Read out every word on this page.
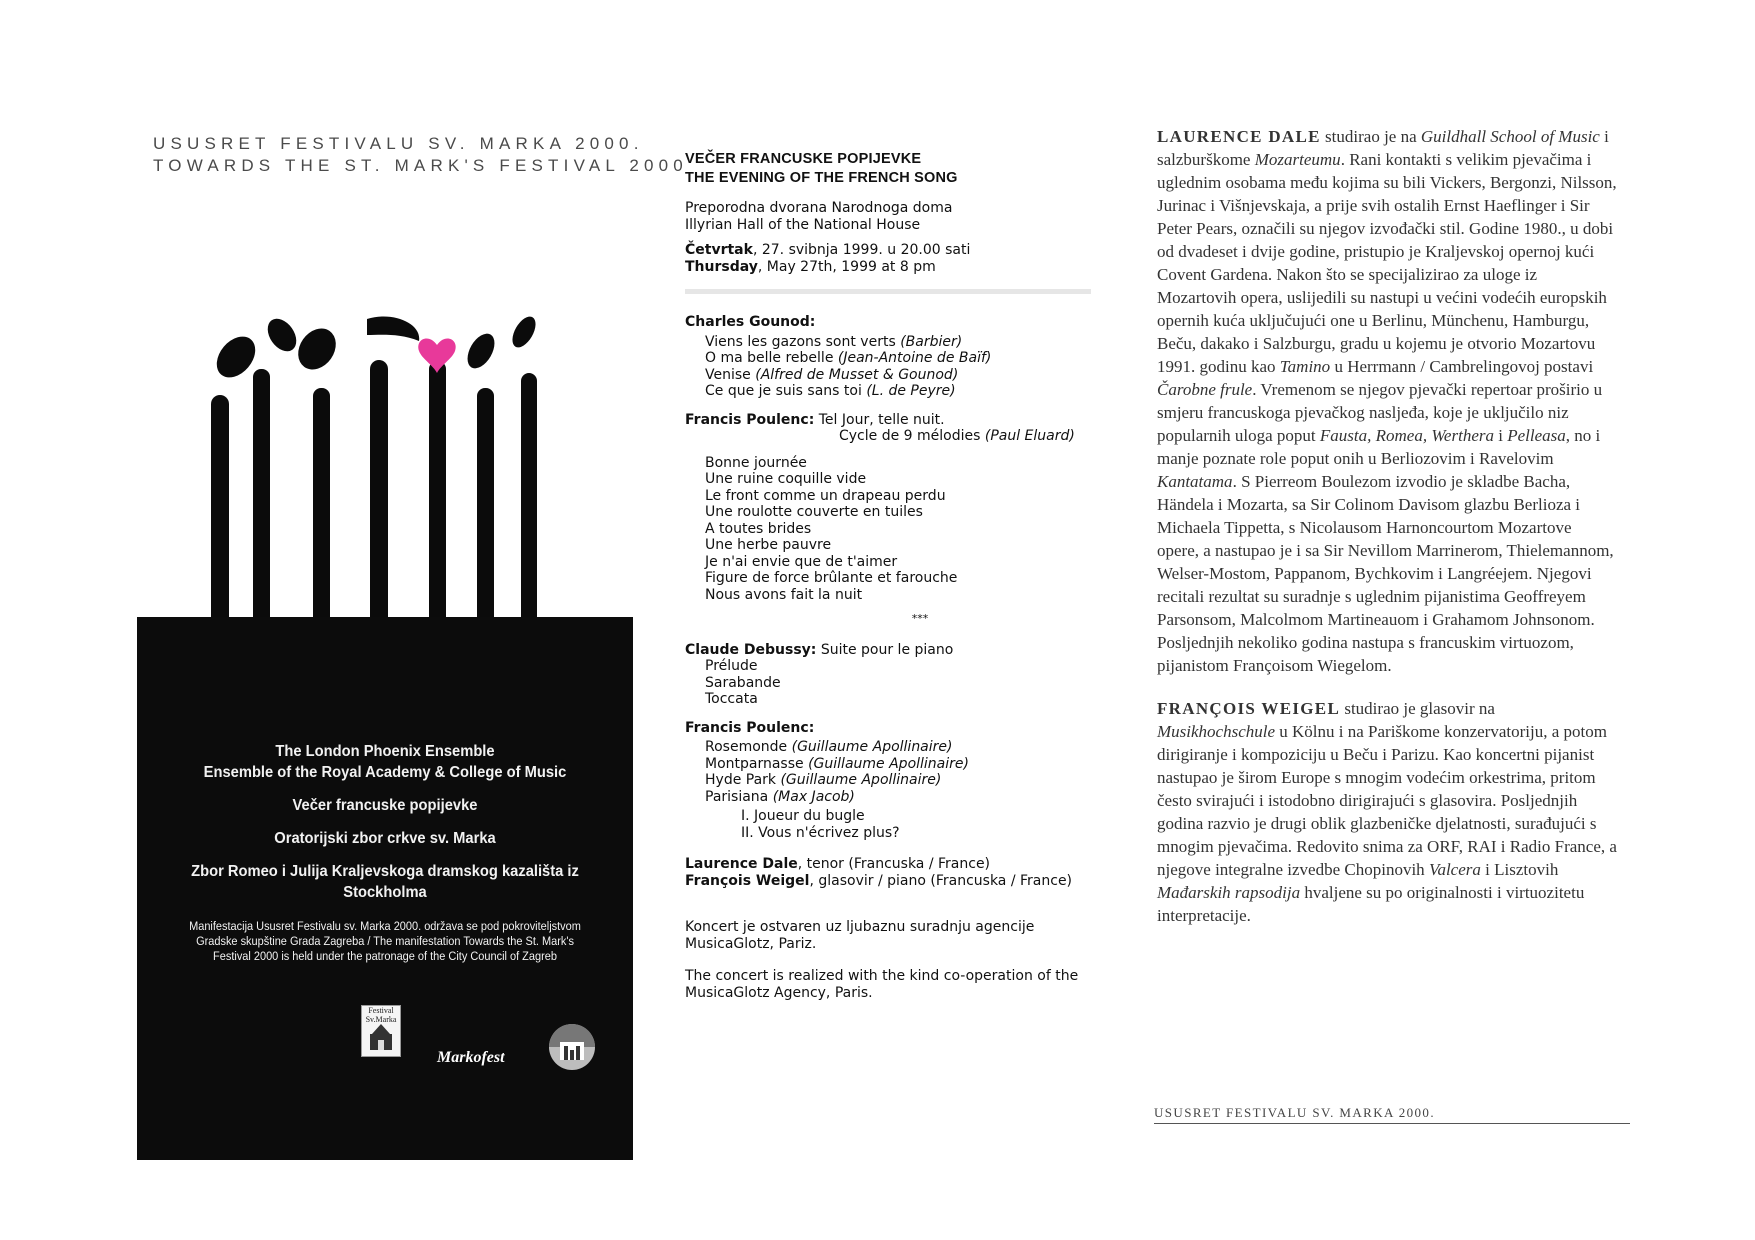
USUSRET FESTIVALU SV. MARKA 2000.
TOWARDS THE ST. MARK'S FESTIVAL 2000
The London Phoenix Ensemble
Ensemble of the Royal Academy & College of Music
Večer francuske popijevke
Oratorijski zbor crkve sv. Marka
Zbor Romeo i Julija Kraljevskoga dramskog kazališta iz Stockholma
Manifestacija Ususret Festivalu sv. Marka 2000. održava se pod pokroviteljstvom
Gradske skupštine Grada Zagreba / The manifestation Towards the St. Mark's
Festival 2000 is held under the patronage of the City Council of Zagreb
Festival
Sv.Marka
Markofest
VEČER FRANCUSKE POPIJEVKE
THE EVENING OF THE FRENCH SONG
Preporodna dvorana Narodnoga doma
Illyrian Hall of the National House
Četvrtak, 27. svibnja 1999. u 20.00 sati
Thursday, May 27th, 1999 at 8 pm
Charles Gounod:
Viens les gazons sont verts (Barbier)
O ma belle rebelle (Jean-Antoine de Baïf)
Venise (Alfred de Musset & Gounod)
Ce que je suis sans toi (L. de Peyre)
Francis Poulenc: Tel Jour, telle nuit.
Cycle de 9 mélodies (Paul Eluard)
Bonne journée
Une ruine coquille vide
Le front comme un drapeau perdu
Une roulotte couverte en tuiles
A toutes brides
Une herbe pauvre
Je n'ai envie que de t'aimer
Figure de force brûlante et farouche
Nous avons fait la nuit
***
Claude Debussy: Suite pour le piano
Prélude
Sarabande
Toccata
Francis Poulenc:
Rosemonde (Guillaume Apollinaire)
Montparnasse (Guillaume Apollinaire)
Hyde Park (Guillaume Apollinaire)
Parisiana (Max Jacob)
I. Joueur du bugle
II. Vous n'écrivez plus?
Laurence Dale, tenor (Francuska / France)
François Weigel, glasovir / piano (Francuska / France)
Koncert je ostvaren uz ljubaznu suradnju agencije MusicaGlotz, Pariz.
The concert is realized with the kind co-operation of the MusicaGlotz Agency, Paris.

LAURENCE DALE studirao je na Guildhall School of Music i salzburškome Mozarteumu. Rani kontakti s velikim pjevačima i uglednim osobama među kojima su bili Vickers, Bergonzi, Nilsson, Jurinac i Višnjevskaja, a prije svih ostalih Ernst Haeflinger i Sir Peter Pears, označili su njegov izvođački stil. Godine 1980., u dobi od dvadeset i dvije godine, pristupio je Kraljevskoj opernoj kući Covent Gardena. Nakon što se specijalizirao za uloge iz Mozartovih opera, uslijedili su nastupi u većini vodećih europskih opernih kuća uključujući one u Berlinu, Münchenu, Hamburgu, Beču, dakako i Salzburgu, gradu u kojemu je otvorio Mozartovu 1991. godinu kao Tamino u Herrmann / Cambrelingovoj postavi Čarobne frule. Vremenom se njegov pjevački repertoar proširio u smjeru francuskoga pjevačkog nasljeđa, koje je uključilo niz popularnih uloga poput Fausta, Romea, Werthera i Pelleasa, no i manje poznate role poput onih u Berliozovim i Ravelovim Kantatama. S Pierreom Boulezom izvodio je skladbe Bacha, Händela i Mozarta, sa Sir Colinom Davisom glazbu Berlioza i Michaela Tippetta, s Nicolausom Harnoncourtom Mozartove opere, a nastupao je i sa Sir Nevillom Marrinerom, Thielemannom, Welser-Mostom, Pappanom, Bychkovim i Langréejem. Njegovi recitali rezultat su suradnje s uglednim pijanistima Geoffreyem Parsonsom, Malcolmom Martineauom i Grahamom Johnsonom. Posljednjih nekoliko godina nastupa s francuskim virtuozom, pijanistom Françoisom Wiegelom.

FRANÇOIS WEIGEL studirao je glasovir na Musikhochschule u Kölnu i na Pariškome konzervatoriju, a potom dirigiranje i kompoziciju u Beču i Parizu. Kao koncertni pijanist nastupao je širom Europe s mnogim vodećim orkestrima, pritom često svirajući i istodobno dirigirajući s glasovira. Posljednjih godina razvio je drugi oblik glazbeničke djelatnosti, surađujući s mnogim pjevačima. Redovito snima za ORF, RAI i Radio France, a njegove integralne izvedbe Chopinovih Valcera i Lisztovih Mađarskih rapsodija hvaljene su po originalnosti i virtuozitetu interpretacije.

USUSRET FESTIVALU SV. MARKA 2000.
